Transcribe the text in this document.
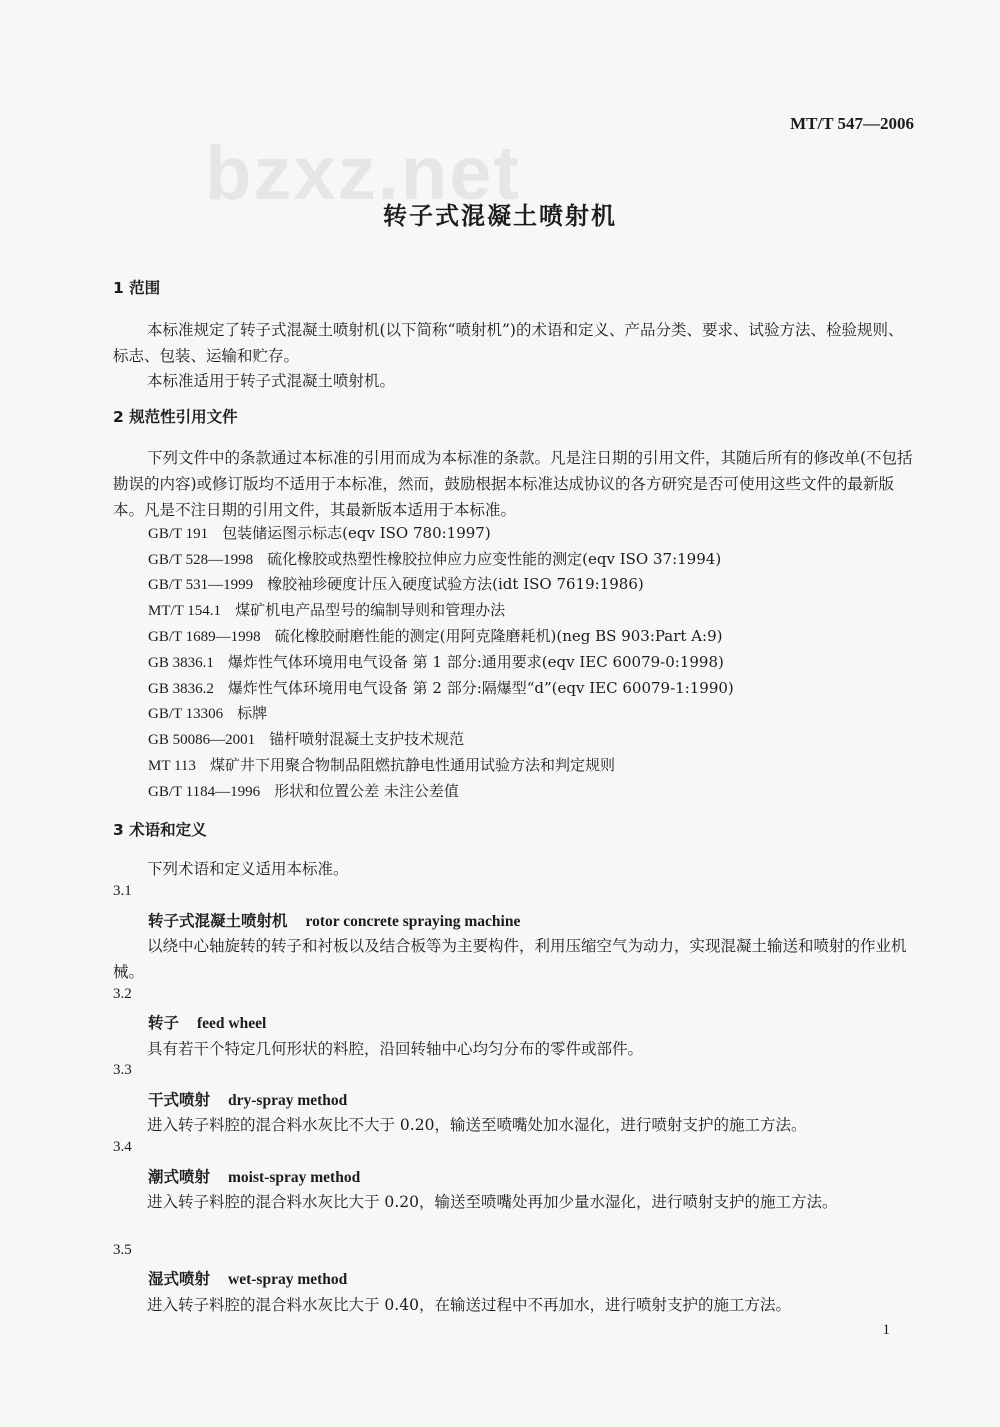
bzxz.net
MT/T 547—2006
转子式混凝土喷射机
1 范围
本标准规定了转子式混凝土喷射机(以下简称“喷射机”)的术语和定义、产品分类、要求、试验方法、检验规则、标志、包装、运输和贮存。
本标准适用于转子式混凝土喷射机。
2 规范性引用文件
下列文件中的条款通过本标准的引用而成为本标准的条款。凡是注日期的引用文件，其随后所有的修改单(不包括勘误的内容)或修订版均不适用于本标准，然而，鼓励根据本标准达成协议的各方研究是否可使用这些文件的最新版本。凡是不注日期的引用文件，其最新版本适用于本标准。
GB/T 191 包装储运图示标志(eqv ISO 780:1997)
GB/T 528—1998 硫化橡胶或热塑性橡胶拉伸应力应变性能的测定(eqv ISO 37:1994)
GB/T 531—1999 橡胶袖珍硬度计压入硬度试验方法(idt ISO 7619:1986)
MT/T 154.1 煤矿机电产品型号的编制导则和管理办法
GB/T 1689—1998 硫化橡胶耐磨性能的测定(用阿克隆磨耗机)(neg BS 903:Part A:9)
GB 3836.1 爆炸性气体环境用电气设备 第 1 部分:通用要求(eqv IEC 60079-0:1998)
GB 3836.2 爆炸性气体环境用电气设备 第 2 部分:隔爆型“d”(eqv IEC 60079-1:1990)
GB/T 13306 标牌
GB 50086—2001 锚杆喷射混凝土支护技术规范
MT 113 煤矿井下用聚合物制品阻燃抗静电性通用试验方法和判定规则
GB/T 1184—1996 形状和位置公差 未注公差值
3 术语和定义
下列术语和定义适用本标准。
3.1
转子式混凝土喷射机 rotor concrete spraying machine
以绕中心轴旋转的转子和衬板以及结合板等为主要构件，利用压缩空气为动力，实现混凝土输送和喷射的作业机械。
3.2
转子 feed wheel
具有若干个特定几何形状的料腔，沿回转轴中心均匀分布的零件或部件。
3.3
干式喷射 dry-spray method
进入转子料腔的混合料水灰比不大于 0.20，输送至喷嘴处加水湿化，进行喷射支护的施工方法。
3.4
潮式喷射 moist-spray method
进入转子料腔的混合料水灰比大于 0.20，输送至喷嘴处再加少量水湿化，进行喷射支护的施工方法。
3.5
湿式喷射 wet-spray method
进入转子料腔的混合料水灰比大于 0.40，在输送过程中不再加水，进行喷射支护的施工方法。
1
